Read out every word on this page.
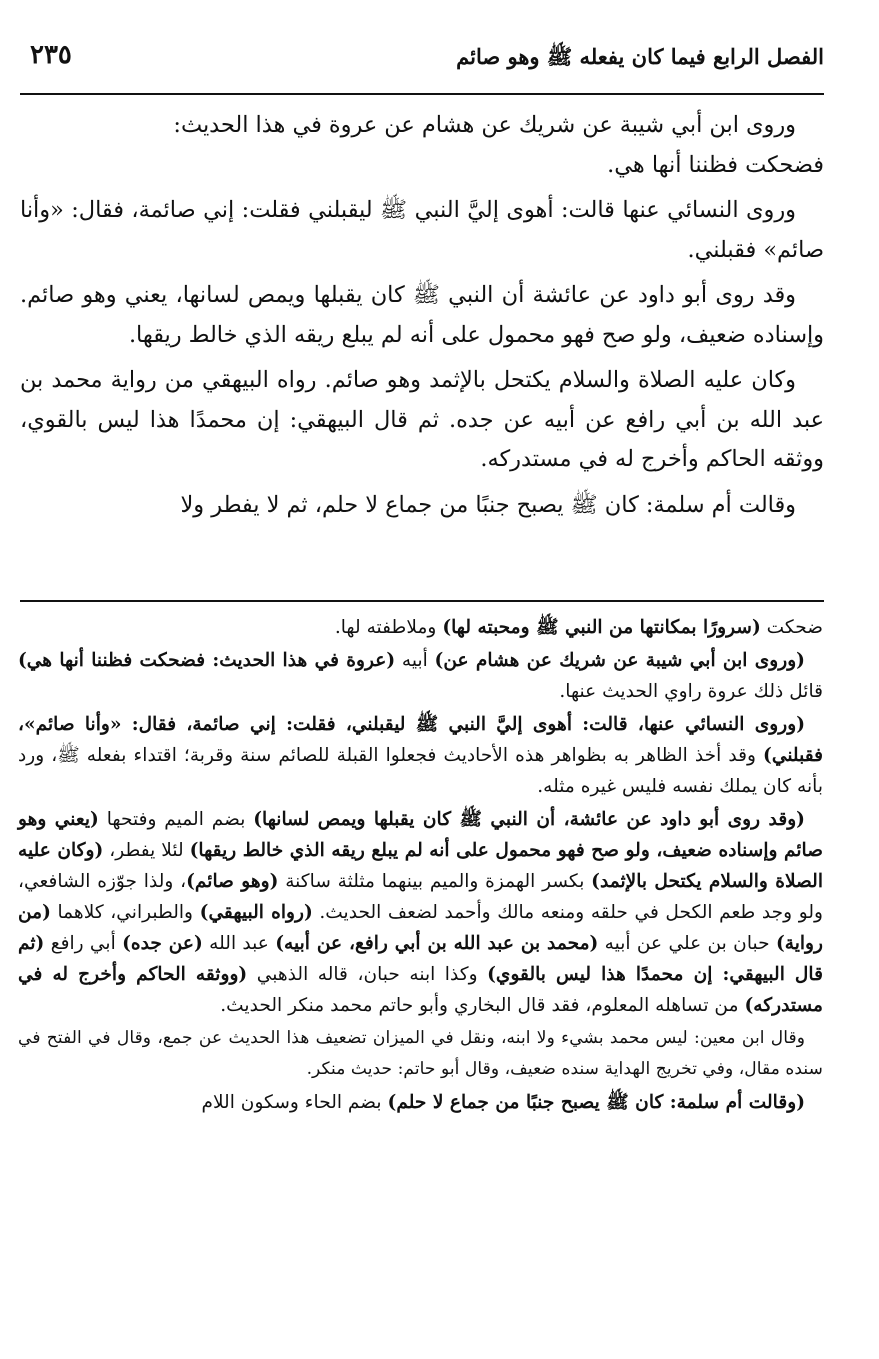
الفصل الرابع فيما كان يفعله ﷺ وهو صائم
٢٣٥

وروى ابن أبي شيبة عن شريك عن هشام عن عروة في هذا الحديث:

فضحكت فظننا أنها هي.

وروى النسائي عنها قالت: أهوى إليَّ النبي ﷺ ليقبلني فقلت: إني صائمة، فقال: «وأنا صائم» فقبلني.

وقد روى أبو داود عن عائشة أن النبي ﷺ كان يقبلها ويمص لسانها، يعني وهو صائم. وإسناده ضعيف، ولو صح فهو محمول على أنه لم يبلع ريقه الذي خالط ريقها.

وكان عليه الصلاة والسلام يكتحل بالإثمد وهو صائم. رواه البيهقي من رواية محمد بن عبد الله بن أبي رافع عن أبيه عن جده. ثم قال البيهقي: إن محمدًا هذا ليس بالقوي، ووثقه الحاكم وأخرج له في مستدركه.

وقالت أم سلمة: كان ﷺ يصبح جنبًا من جماع لا حلم، ثم لا يفطر ولا

ضحكت (سرورًا بمكانتها من النبي ﷺ ومحبته لها) وملاطفته لها.

(وروى ابن أبي شيبة عن شريك عن هشام عن) أبيه (عروة في هذا الحديث: فضحكت فظننا أنها هي) قائل ذلك عروة راوي الحديث عنها.

(وروى النسائي عنها، قالت: أهوى إليَّ النبي ﷺ ليقبلني، فقلت: إني صائمة، فقال: «وأنا صائم»، فقبلني) وقد أخذ الظاهر به بظواهر هذه الأحاديث فجعلوا القبلة للصائم سنة وقربة؛ اقتداء بفعله ﷺ، ورد بأنه كان يملك نفسه فليس غيره مثله.

(وقد روى أبو داود عن عائشة، أن النبي ﷺ كان يقبلها ويمص لسانها) بضم الميم وفتحها (يعني وهو صائم وإسناده ضعيف، ولو صح فهو محمول على أنه لم يبلع ريقه الذي خالط ريقها) لئلا يفطر، (وكان عليه الصلاة والسلام يكتحل بالإثمد) بكسر الهمزة والميم بينهما مثلثة ساكنة (وهو صائم)، ولذا جوّزه الشافعي، ولو وجد طعم الكحل في حلقه ومنعه مالك وأحمد لضعف الحديث. (رواه البيهقي) والطبراني، كلاهما (من رواية) حبان بن علي عن أبيه (محمد بن عبد الله بن أبي رافع، عن أبيه) عبد الله (عن جده) أبي رافع (ثم قال البيهقي: إن محمدًا هذا ليس بالقوي) وكذا ابنه حبان، قاله الذهبي (ووثقه الحاكم وأخرج له في مستدركه) من تساهله المعلوم، فقد قال البخاري وأبو حاتم محمد منكر الحديث.

وقال ابن معين: ليس محمد بشيء ولا ابنه، ونقل في الميزان تضعيف هذا الحديث عن جمع، وقال في الفتح في سنده مقال، وفي تخريج الهداية سنده ضعيف، وقال أبو حاتم: حديث منكر.

(وقالت أم سلمة: كان ﷺ يصبح جنبًا من جماع لا حلم) بضم الحاء وسكون اللام
